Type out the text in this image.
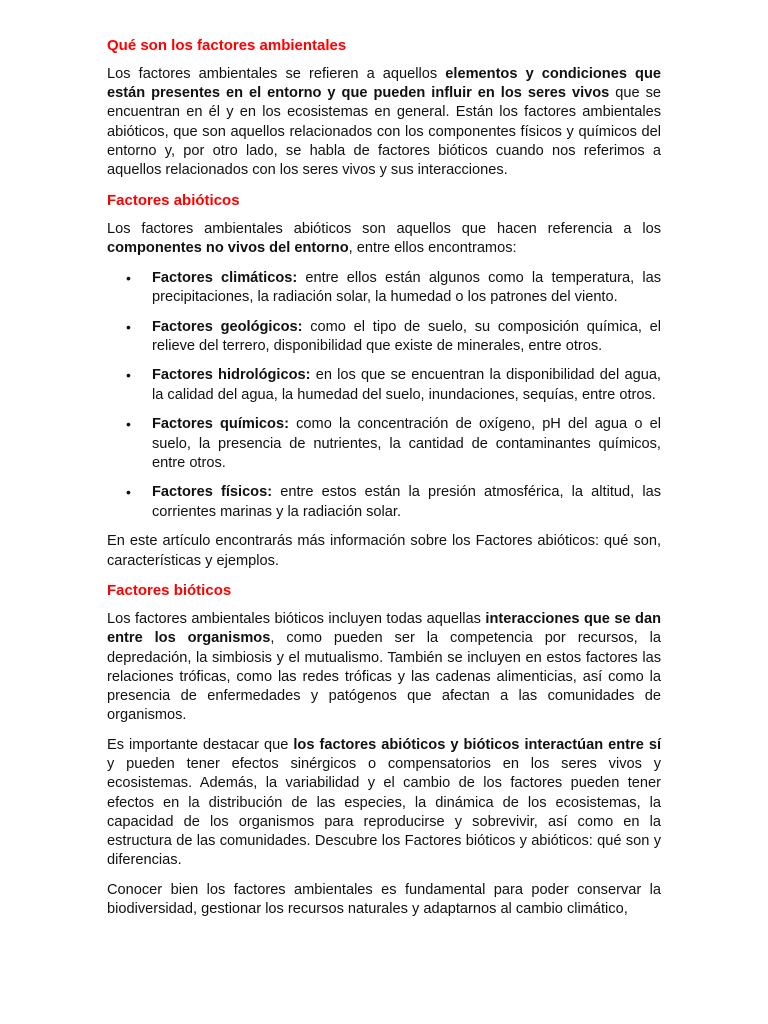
Qué son los factores ambientales

Los factores ambientales se refieren a aquellos elementos y condiciones que están presentes en el entorno y que pueden influir en los seres vivos que se encuentran en él y en los ecosistemas en general. Están los factores ambientales abióticos, que son aquellos relacionados con los componentes físicos y químicos del entorno y, por otro lado, se habla de factores bióticos cuando nos referimos a aquellos relacionados con los seres vivos y sus interacciones.

Factores abióticos

Los factores ambientales abióticos son aquellos que hacen referencia a los componentes no vivos del entorno, entre ellos encontramos:

• Factores climáticos: entre ellos están algunos como la temperatura, las precipitaciones, la radiación solar, la humedad o los patrones del viento.
• Factores geológicos: como el tipo de suelo, su composición química, el relieve del terrero, disponibilidad que existe de minerales, entre otros.
• Factores hidrológicos: en los que se encuentran la disponibilidad del agua, la calidad del agua, la humedad del suelo, inundaciones, sequías, entre otros.
• Factores químicos: como la concentración de oxígeno, pH del agua o el suelo, la presencia de nutrientes, la cantidad de contaminantes químicos, entre otros.
• Factores físicos: entre estos están la presión atmosférica, la altitud, las corrientes marinas y la radiación solar.

En este artículo encontrarás más información sobre los Factores abióticos: qué son, características y ejemplos.

Factores bióticos

Los factores ambientales bióticos incluyen todas aquellas interacciones que se dan entre los organismos, como pueden ser la competencia por recursos, la depredación, la simbiosis y el mutualismo. También se incluyen en estos factores las relaciones tróficas, como las redes tróficas y las cadenas alimenticias, así como la presencia de enfermedades y patógenos que afectan a las comunidades de organismos.

Es importante destacar que los factores abióticos y bióticos interactúan entre sí y pueden tener efectos sinérgicos o compensatorios en los seres vivos y ecosistemas. Además, la variabilidad y el cambio de los factores pueden tener efectos en la distribución de las especies, la dinámica de los ecosistemas, la capacidad de los organismos para reproducirse y sobrevivir, así como en la estructura de las comunidades. Descubre los Factores bióticos y abióticos: qué son y diferencias.

Conocer bien los factores ambientales es fundamental para poder conservar la biodiversidad, gestionar los recursos naturales y adaptarnos al cambio climático,
